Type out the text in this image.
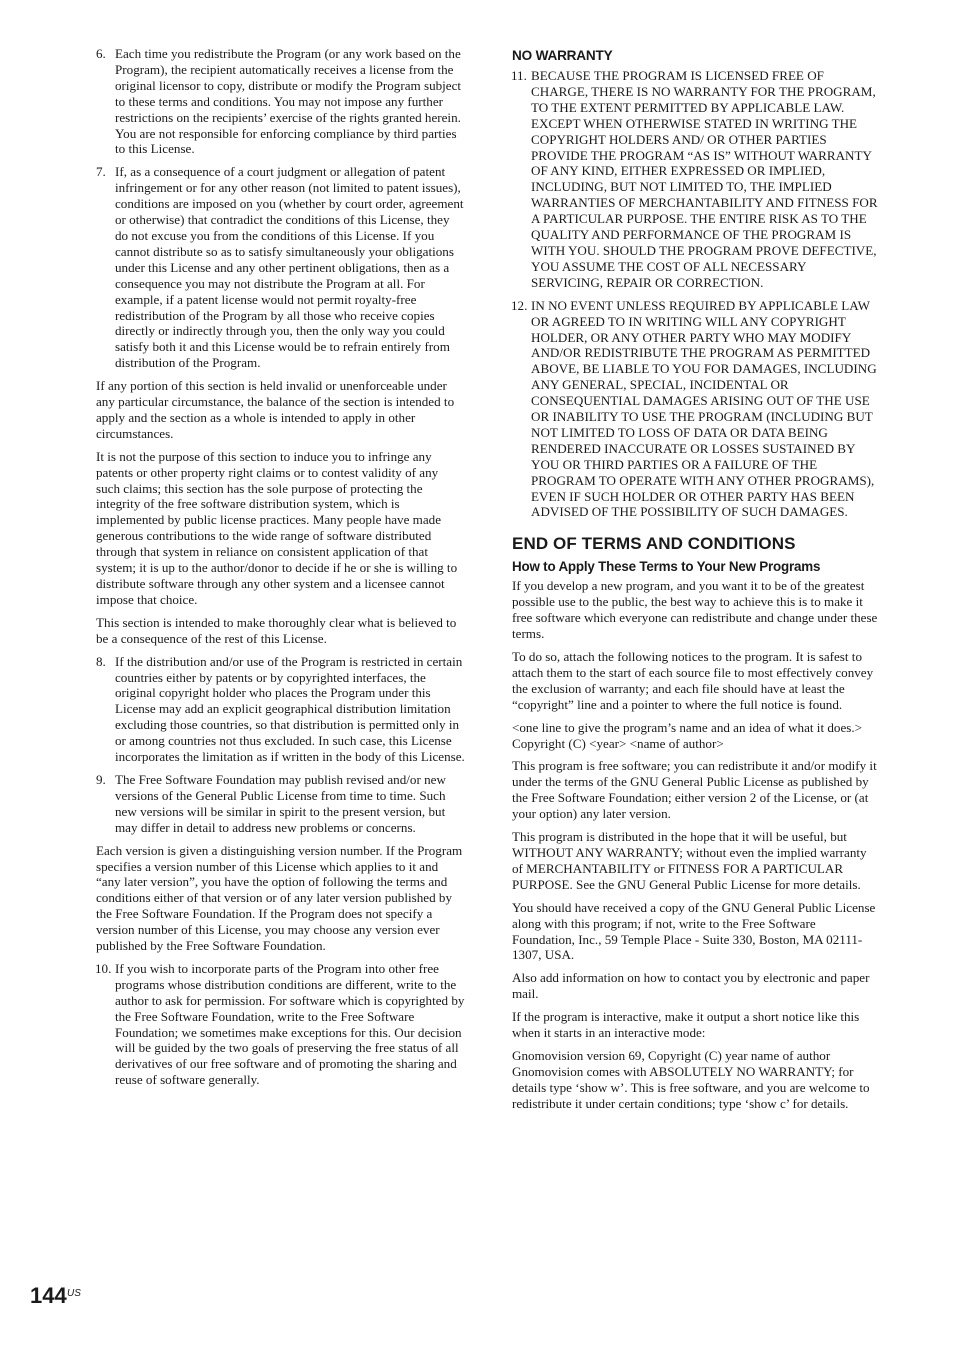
6. Each time you redistribute the Program (or any work based on the Program), the recipient automatically receives a license from the original licensor to copy, distribute or modify the Program subject to these terms and conditions. You may not impose any further restrictions on the recipients’ exercise of the rights granted herein. You are not responsible for enforcing compliance by third parties to this License.
7. If, as a consequence of a court judgment or allegation of patent infringement or for any other reason (not limited to patent issues), conditions are imposed on you (whether by court order, agreement or otherwise) that contradict the conditions of this License, they do not excuse you from the conditions of this License. If you cannot distribute so as to satisfy simultaneously your obligations under this License and any other pertinent obligations, then as a consequence you may not distribute the Program at all. For example, if a patent license would not permit royalty-free redistribution of the Program by all those who receive copies directly or indirectly through you, then the only way you could satisfy both it and this License would be to refrain entirely from distribution of the Program.

If any portion of this section is held invalid or unenforceable under any particular circumstance, the balance of the section is intended to apply and the section as a whole is intended to apply in other circumstances.

It is not the purpose of this section to induce you to infringe any patents or other property right claims or to contest validity of any such claims; this section has the sole purpose of protecting the integrity of the free software distribution system, which is implemented by public license practices. Many people have made generous contributions to the wide range of software distributed through that system in reliance on consistent application of that system; it is up to the author/donor to decide if he or she is willing to distribute software through any other system and a licensee cannot impose that choice.

This section is intended to make thoroughly clear what is believed to be a consequence of the rest of this License.

8. If the distribution and/or use of the Program is restricted in certain countries either by patents or by copyrighted interfaces, the original copyright holder who places the Program under this License may add an explicit geographical distribution limitation excluding those countries, so that distribution is permitted only in or among countries not thus excluded. In such case, this License incorporates the limitation as if written in the body of this License.
9. The Free Software Foundation may publish revised and/or new versions of the General Public License from time to time. Such new versions will be similar in spirit to the present version, but may differ in detail to address new problems or concerns.

Each version is given a distinguishing version number. If the Program specifies a version number of this License which applies to it and “any later version”, you have the option of following the terms and conditions either of that version or of any later version published by the Free Software Foundation. If the Program does not specify a version number of this License, you may choose any version ever published by the Free Software Foundation.

10. If you wish to incorporate parts of the Program into other free programs whose distribution conditions are different, write to the author to ask for permission. For software which is copyrighted by the Free Software Foundation, write to the Free Software Foundation; we sometimes make exceptions for this. Our decision will be guided by the two goals of preserving the free status of all derivatives of our free software and of promoting the sharing and reuse of software generally.
NO WARRANTY
11. BECAUSE THE PROGRAM IS LICENSED FREE OF CHARGE, THERE IS NO WARRANTY FOR THE PROGRAM, TO THE EXTENT PERMITTED BY APPLICABLE LAW. EXCEPT WHEN OTHERWISE STATED IN WRITING THE COPYRIGHT HOLDERS AND/ OR OTHER PARTIES PROVIDE THE PROGRAM “AS IS” WITHOUT WARRANTY OF ANY KIND, EITHER EXPRESSED OR IMPLIED, INCLUDING, BUT NOT LIMITED TO, THE IMPLIED WARRANTIES OF MERCHANTABILITY AND FITNESS FOR A PARTICULAR PURPOSE. THE ENTIRE RISK AS TO THE QUALITY AND PERFORMANCE OF THE PROGRAM IS WITH YOU. SHOULD THE PROGRAM PROVE DEFECTIVE, YOU ASSUME THE COST OF ALL NECESSARY SERVICING, REPAIR OR CORRECTION.
12. IN NO EVENT UNLESS REQUIRED BY APPLICABLE LAW OR AGREED TO IN WRITING WILL ANY COPYRIGHT HOLDER, OR ANY OTHER PARTY WHO MAY MODIFY AND/OR REDISTRIBUTE THE PROGRAM AS PERMITTED ABOVE, BE LIABLE TO YOU FOR DAMAGES, INCLUDING ANY GENERAL, SPECIAL, INCIDENTAL OR CONSEQUENTIAL DAMAGES ARISING OUT OF THE USE OR INABILITY TO USE THE PROGRAM (INCLUDING BUT NOT LIMITED TO LOSS OF DATA OR DATA BEING RENDERED INACCURATE OR LOSSES SUSTAINED BY YOU OR THIRD PARTIES OR A FAILURE OF THE PROGRAM TO OPERATE WITH ANY OTHER PROGRAMS), EVEN IF SUCH HOLDER OR OTHER PARTY HAS BEEN ADVISED OF THE POSSIBILITY OF SUCH DAMAGES.
END OF TERMS AND CONDITIONS
How to Apply These Terms to Your New Programs

If you develop a new program, and you want it to be of the greatest possible use to the public, the best way to achieve this is to make it free software which everyone can redistribute and change under these terms.

To do so, attach the following notices to the program. It is safest to attach them to the start of each source file to most effectively convey the exclusion of warranty; and each file should have at least the “copyright” line and a pointer to where the full notice is found.

<one line to give the program’s name and an idea of what it does.>

Copyright (C) <year> <name of author>

This program is free software; you can redistribute it and/or modify it under the terms of the GNU General Public License as published by the Free Software Foundation; either version 2 of the License, or (at your option) any later version.

This program is distributed in the hope that it will be useful, but WITHOUT ANY WARRANTY; without even the implied warranty of MERCHANTABILITY or FITNESS FOR A PARTICULAR PURPOSE. See the GNU General Public License for more details.

You should have received a copy of the GNU General Public License along with this program; if not, write to the Free Software Foundation, Inc., 59 Temple Place - Suite 330, Boston, MA 02111-1307, USA.

Also add information on how to contact you by electronic and paper mail.

If the program is interactive, make it output a short notice like this when it starts in an interactive mode:

Gnomovision version 69, Copyright (C) year name of author

Gnomovision comes with ABSOLUTELY NO WARRANTY; for details type ‘show w’. This is free software, and you are welcome to redistribute it under certain conditions; type ‘show c’ for details.

144 US
